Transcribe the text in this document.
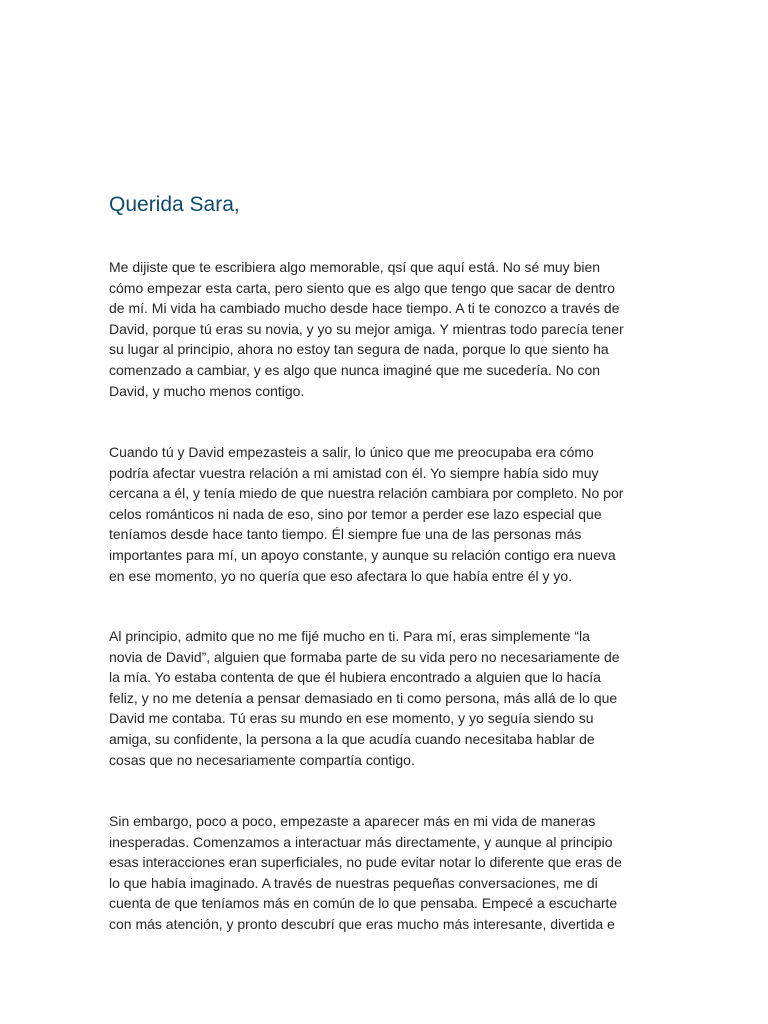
Querida Sara,

Me dijiste que te escribiera algo memorable, qsí que aquí está. No sé muy bien
cómo empezar esta carta, pero siento que es algo que tengo que sacar de dentro
de mí. Mi vida ha cambiado mucho desde hace tiempo. A ti te conozco a través de
David, porque tú eras su novia, y yo su mejor amiga. Y mientras todo parecía tener
su lugar al principio, ahora no estoy tan segura de nada, porque lo que siento ha
comenzado a cambiar, y es algo que nunca imaginé que me sucedería. No con
David, y mucho menos contigo.

Cuando tú y David empezasteis a salir, lo único que me preocupaba era cómo
podría afectar vuestra relación a mi amistad con él. Yo siempre había sido muy
cercana a él, y tenía miedo de que nuestra relación cambiara por completo. No por
celos románticos ni nada de eso, sino por temor a perder ese lazo especial que
teníamos desde hace tanto tiempo. Él siempre fue una de las personas más
importantes para mí, un apoyo constante, y aunque su relación contigo era nueva
en ese momento, yo no quería que eso afectara lo que había entre él y yo.

Al principio, admito que no me fijé mucho en ti. Para mí, eras simplemente “la
novia de David”, alguien que formaba parte de su vida pero no necesariamente de
la mía. Yo estaba contenta de que él hubiera encontrado a alguien que lo hacía
feliz, y no me detenía a pensar demasiado en ti como persona, más allá de lo que
David me contaba. Tú eras su mundo en ese momento, y yo seguía siendo su
amiga, su confidente, la persona a la que acudía cuando necesitaba hablar de
cosas que no necesariamente compartía contigo.

Sin embargo, poco a poco, empezaste a aparecer más en mi vida de maneras
inesperadas. Comenzamos a interactuar más directamente, y aunque al principio
esas interacciones eran superficiales, no pude evitar notar lo diferente que eras de
lo que había imaginado. A través de nuestras pequeñas conversaciones, me di
cuenta de que teníamos más en común de lo que pensaba. Empecé a escucharte
con más atención, y pronto descubrí que eras mucho más interesante, divertida e
